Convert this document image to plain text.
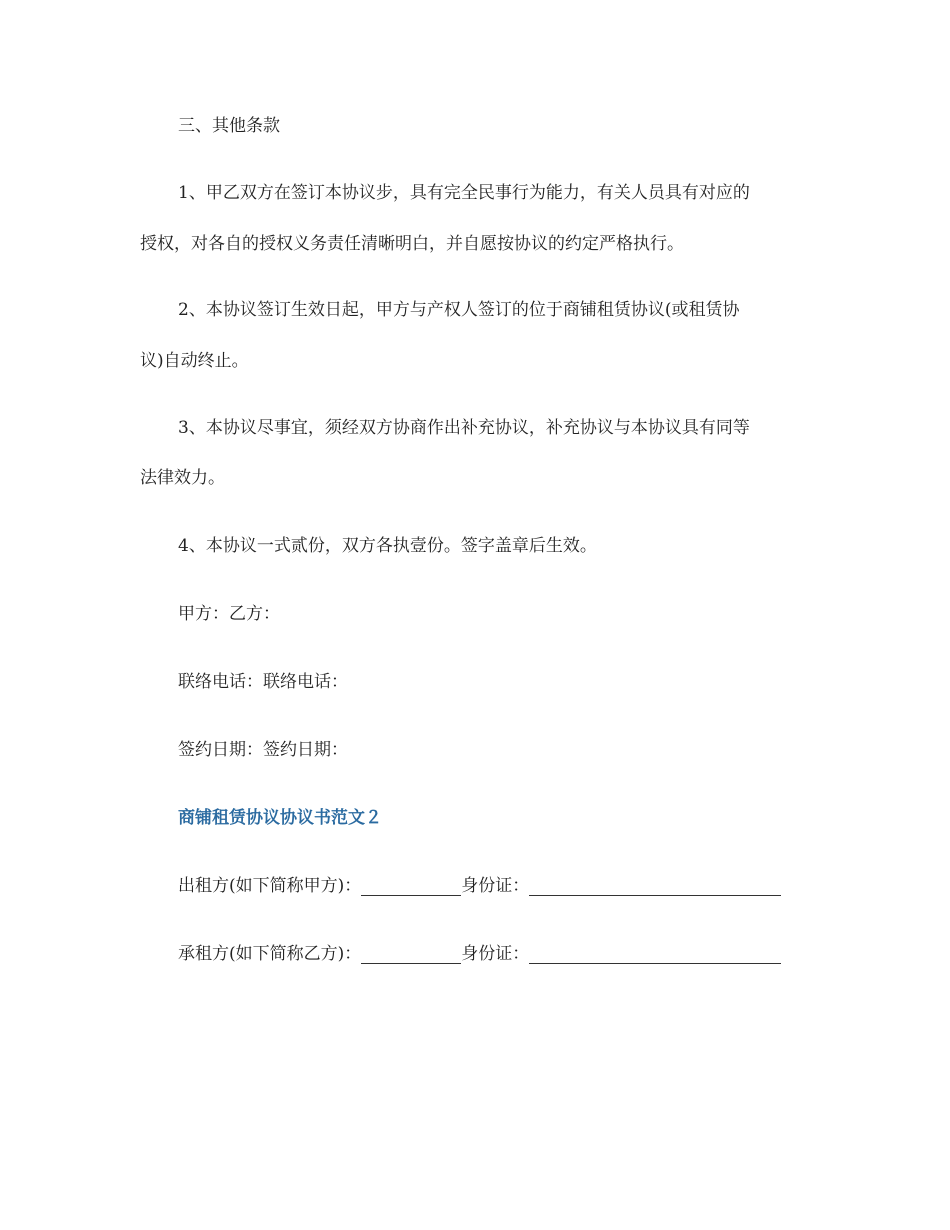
三、其他条款
1、甲乙双方在签订本协议步，具有完全民事行为能力，有关人员具有对应的
授权，对各自的授权义务责任清晰明白，并自愿按协议的约定严格执行。
2、本协议签订生效日起，甲方与产权人签订的位于商铺租赁协议(或租赁协
议)自动终止。
3、本协议尽事宜，须经双方协商作出补充协议，补充协议与本协议具有同等
法律效力。
4、本协议一式贰份，双方各执壹份。签字盖章后生效。
甲方：乙方：
联络电话：联络电话：
签约日期：签约日期：
商铺租赁协议协议书范文２
出租方(如下简称甲方)：	身份证：
承租方(如下简称乙方)：	身份证：
